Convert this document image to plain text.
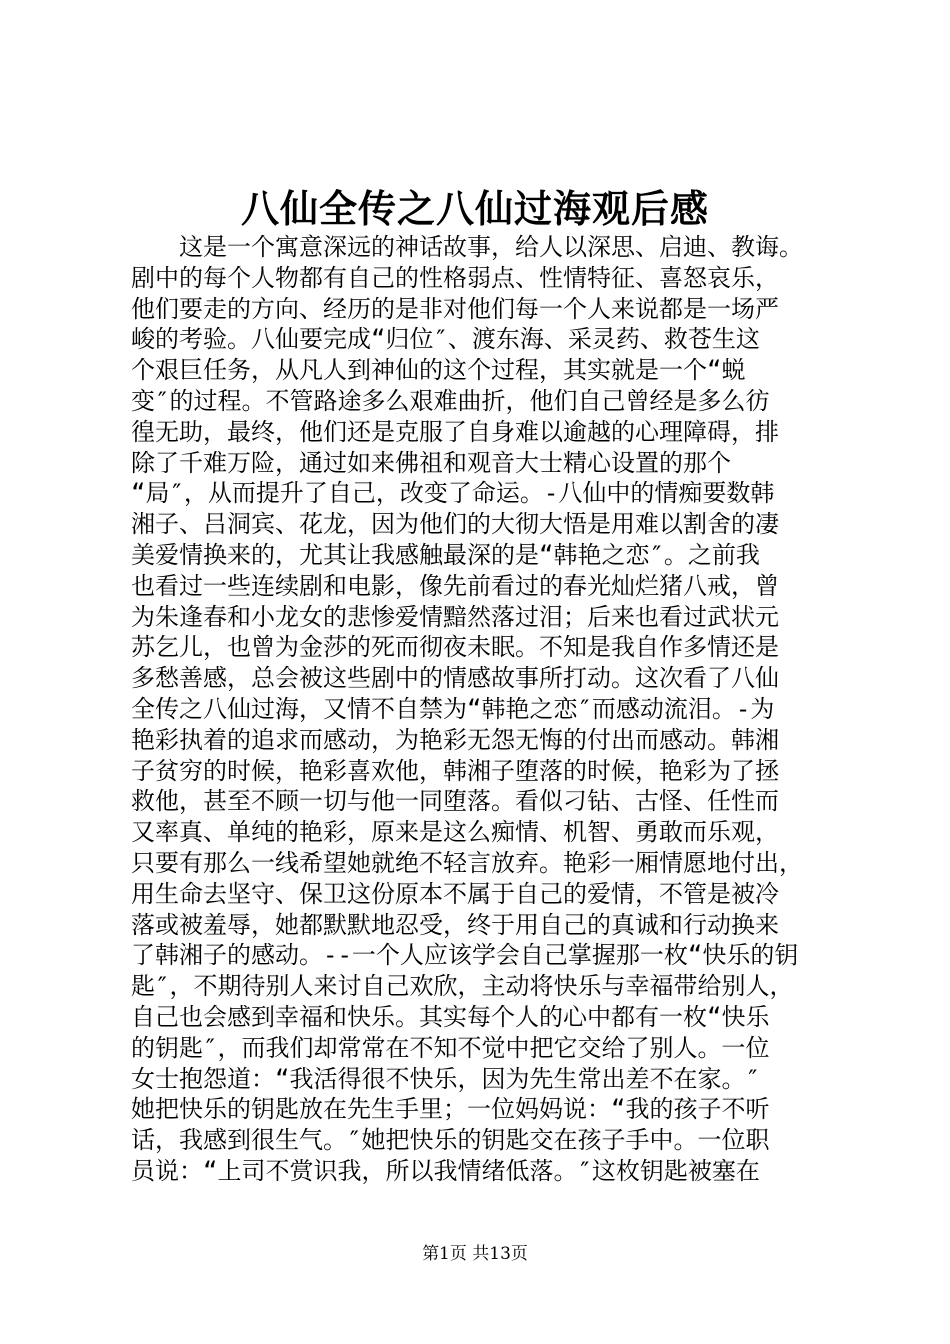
八仙全传之八仙过海观后感
这是一个寓意深远的神话故事，给人以深思、启迪、教诲。
剧中的每个人物都有自己的性格弱点、性情特征、喜怒哀乐，
他们要走的方向、经历的是非对他们每一个人来说都是一场严
峻的考验。八仙要完成“归位″、渡东海、采灵药、救苍生这
个艰巨任务，从凡人到神仙的这个过程，其实就是一个“蜕
变″的过程。不管路途多么艰难曲折，他们自己曾经是多么彷
徨无助，最终，他们还是克服了自身难以逾越的心理障碍，排
除了千难万险，通过如来佛祖和观音大士精心设置的那个
“局″，从而提升了自己，改变了命运。-八仙中的情痴要数韩
湘子、吕洞宾、花龙，因为他们的大彻大悟是用难以割舍的凄
美爱情换来的，尤其让我感触最深的是“韩艳之恋″。之前我
也看过一些连续剧和电影，像先前看过的春光灿烂猪八戒，曾
为朱逢春和小龙女的悲惨爱情黯然落过泪；后来也看过武状元
苏乞儿，也曾为金莎的死而彻夜未眠。不知是我自作多情还是
多愁善感，总会被这些剧中的情感故事所打动。这次看了八仙
全传之八仙过海，又情不自禁为“韩艳之恋″而感动流泪。-为
艳彩执着的追求而感动，为艳彩无怨无悔的付出而感动。韩湘
子贫穷的时候，艳彩喜欢他，韩湘子堕落的时候，艳彩为了拯
救他，甚至不顾一切与他一同堕落。看似刁钻、古怪、任性而
又率真、单纯的艳彩，原来是这么痴情、机智、勇敢而乐观，
只要有那么一线希望她就绝不轻言放弃。艳彩一厢情愿地付出，
用生命去坚守、保卫这份原本不属于自己的爱情，不管是被冷
落或被羞辱，她都默默地忍受，终于用自己的真诚和行动换来
了韩湘子的感动。--一个人应该学会自己掌握那一枚“快乐的钥
匙″，不期待别人来讨自己欢欣，主动将快乐与幸福带给别人，
自己也会感到幸福和快乐。其实每个人的心中都有一枚“快乐
的钥匙″，而我们却常常在不知不觉中把它交给了别人。一位
女士抱怨道：“我活得很不快乐，因为先生常出差不在家。″
她把快乐的钥匙放在先生手里；一位妈妈说：“我的孩子不听
话，我感到很生气。″她把快乐的钥匙交在孩子手中。一位职
员说：“上司不赏识我，所以我情绪低落。″这枚钥匙被塞在
第1页 共13页
